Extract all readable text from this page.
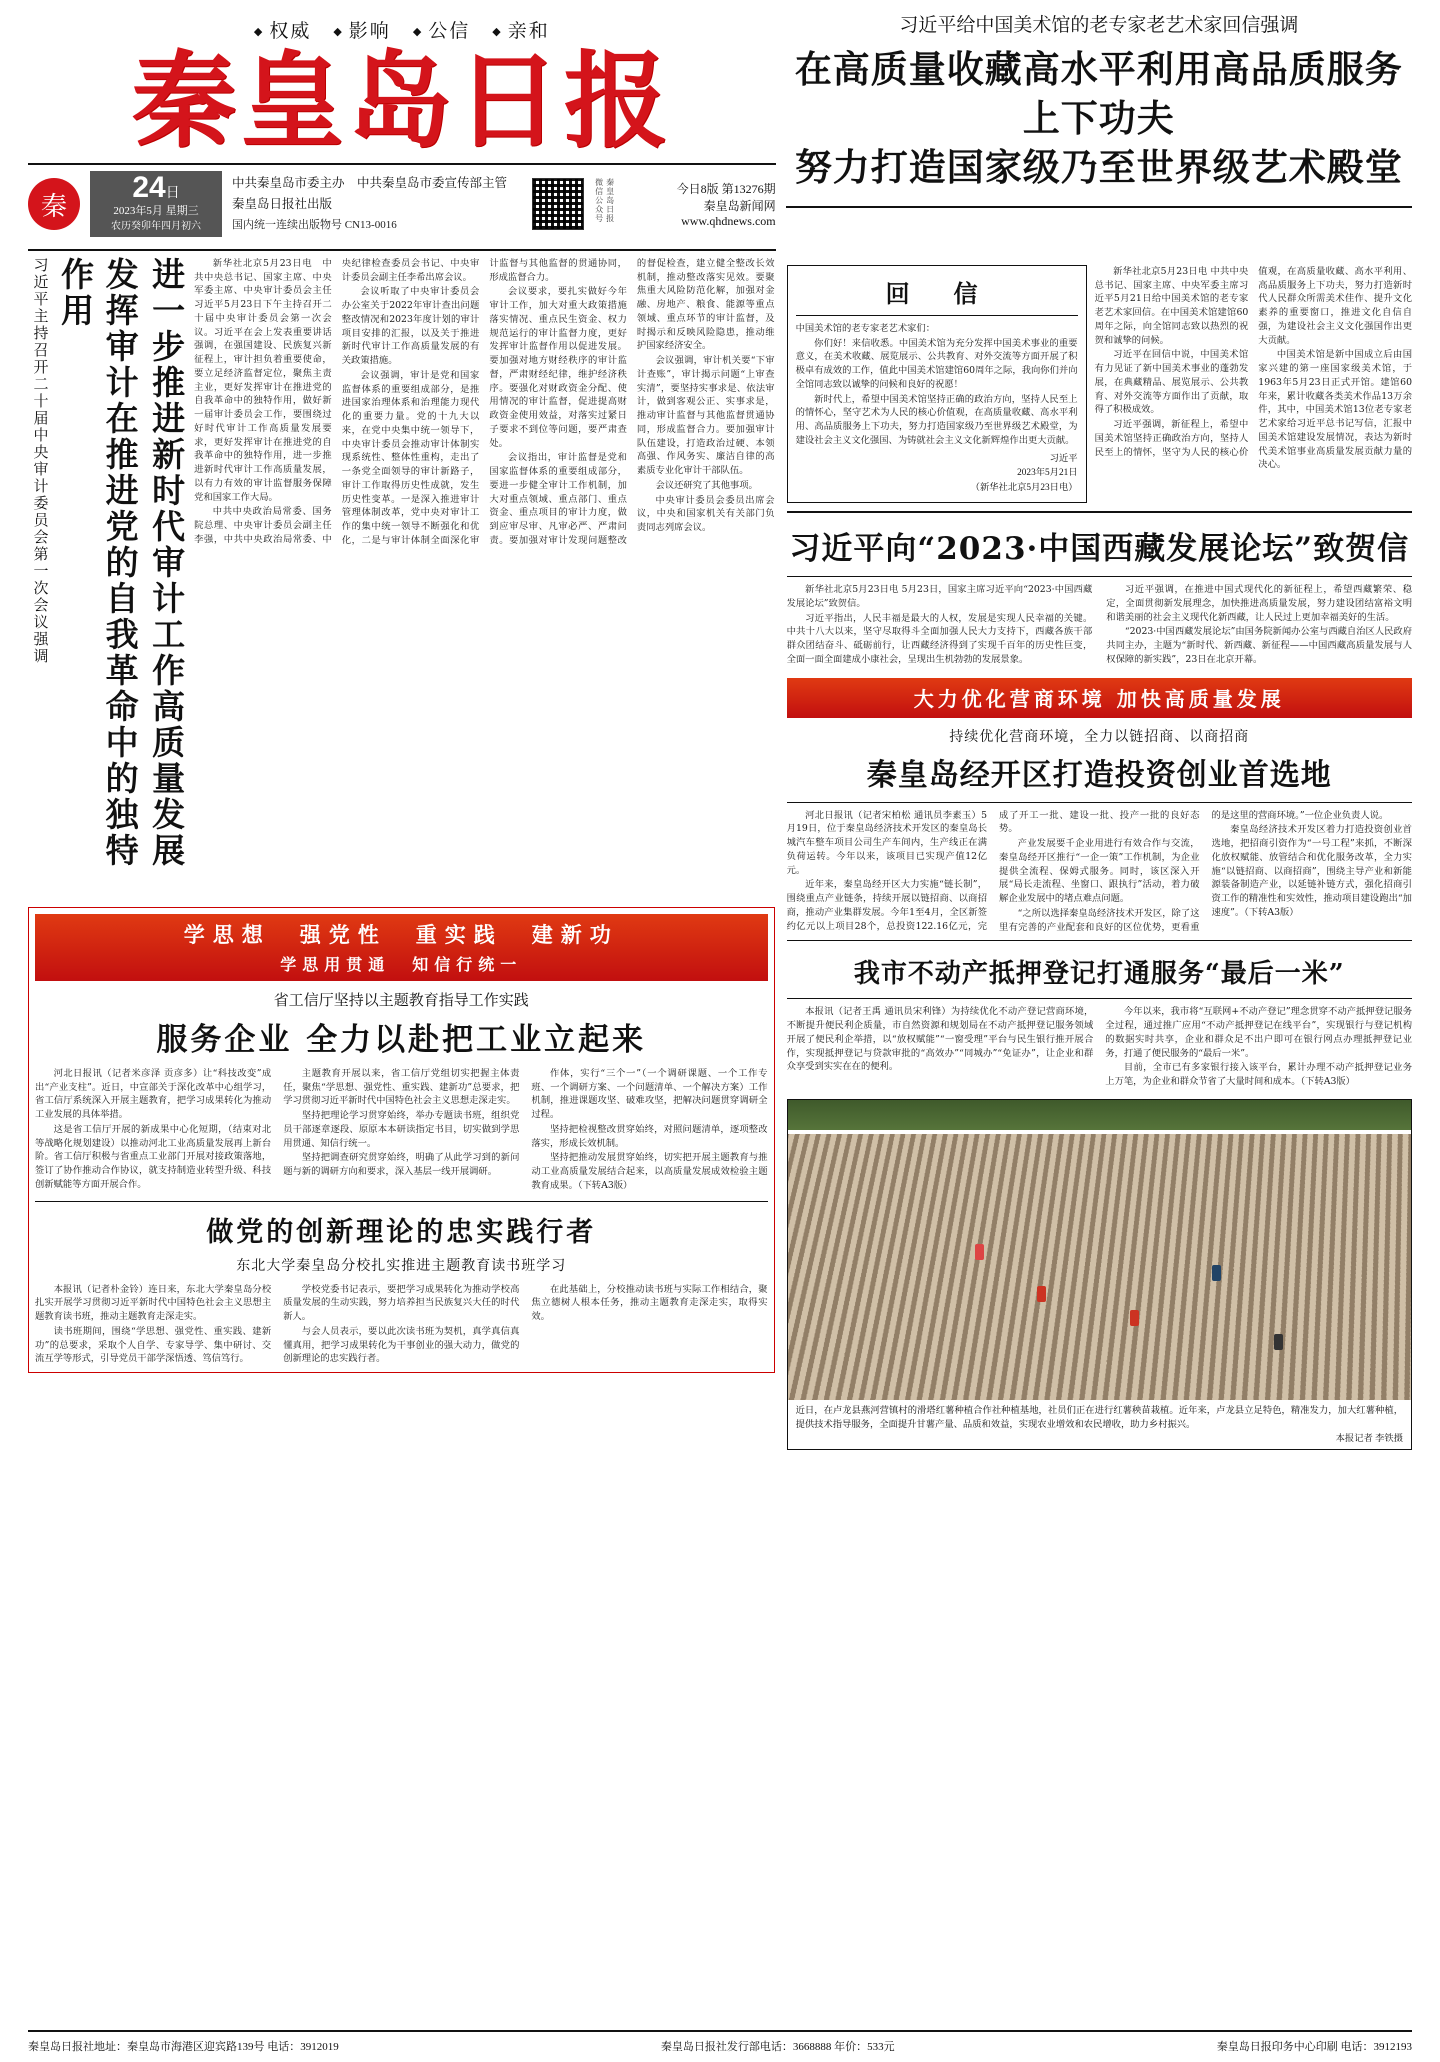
◆ 权威	◆ 影响	◆ 公信	◆ 亲和
秦皇岛日报
秦
24日
2023年5月 星期三
农历癸卯年四月初六
中共秦皇岛市委主办　中共秦皇岛市委宣传部主管
秦皇岛日报社出版
国内统一连续出版物号 CN13-0016
秦皇岛日报微信公众号	今日8版 第13276期
秦皇岛新闻网 www.qhdnews.com
习近平给中国美术馆的老专家老艺术家回信强调
在高质量收藏高水平利用高品质服务上下功夫
努力打造国家级乃至世界级艺术殿堂
进一步推进新时代审计工作高质量发展
发挥审计在推进党的自我革命中的独特作用
习近平主持召开二十届中央审计委员会第一次会议强调	新华社北京5月23日电　中共中央总书记、国家主席、中央军委主席、中央审计委员会主任习近平5月23日下午主持召开二十届中央审计委员会第一次会议。习近平在会上发表重要讲话强调，在强国建设、民族复兴新征程上，审计担负着重要使命，要立足经济监督定位，聚焦主责主业，更好发挥审计在推进党的自我革命中的独特作用，做好新一届审计委员会工作，要围绕过好时代审计工作高质量发展要求，更好发挥审计在推进党的自我革命中的独特作用，进一步推进新时代审计工作高质量发展，以有力有效的审计监督服务保障党和国家工作大局。

中共中央政治局常委、国务院总理、中央审计委员会副主任李强，中共中央政治局常委、中央纪律检查委员会书记、中央审计委员会副主任李希出席会议。

会议听取了中央审计委员会办公室关于2022年审计查出问题整改情况和2023年度计划的审计项目安排的汇报，以及关于推进新时代审计工作高质量发展的有关政策措施。

会议强调，审计是党和国家监督体系的重要组成部分，是推进国家治理体系和治理能力现代化的重要力量。党的十九大以来，在党中央集中统一领导下，中央审计委员会推动审计体制实现系统性、整体性重构，走出了一条党全面领导的审计新路子，审计工作取得历史性成就，发生历史性变革。一是深入推进审计管理体制改革，党中央对审计工作的集中统一领导不断强化和优化，二是与审计体制全面深化审计监督与其他监督的贯通协同，形成监督合力。

会议要求，要扎实做好今年审计工作，加大对重大政策措施落实情况、重点民生资金、权力规范运行的审计监督力度，更好发挥审计监督作用以促进发展。要加强对地方财经秩序的审计监督，严肃财经纪律，维护经济秩序。要强化对财政资金分配、使用情况的审计监督，促进提高财政资金使用效益，对落实过紧日子要求不到位等问题，要严肃查处。

会议指出，审计监督是党和国家监督体系的重要组成部分，要进一步健全审计工作机制，加大对重点领域、重点部门、重点资金、重点项目的审计力度，做到应审尽审、凡审必严、严肃问责。要加强对审计发现问题整改的督促检查，建立健全整改长效机制，推动整改落实见效。要聚焦重大风险防范化解，加强对金融、房地产、粮食、能源等重点领域、重点环节的审计监督，及时揭示和反映风险隐患，推动维护国家经济安全。

会议强调，审计机关要“下审计查账”，审计揭示问题“上审查实清”，要坚持实事求是、依法审计，做到客观公正、实事求是，推动审计监督与其他监督贯通协同，形成监督合力。要加强审计队伍建设，打造政治过硬、本领高强、作风务实、廉洁自律的高素质专业化审计干部队伍。

会议还研究了其他事项。

中央审计委员会委员出席会议，中央和国家机关有关部门负责同志列席会议。

学思想　强党性　重实践　建新功
学思用贯通　知信行统一
省工信厅坚持以主题教育指导工作实践
服务企业 全力以赴把工业立起来

河北日报讯（记者米彦泽 贡彦多）让“科技改变”成出“产业支柱”。近日，中宣部关于深化改革中心组学习，省工信厅系统深入开展主题教育，把学习成果转化为推动工业发展的具体举措。

这是省工信厅开展的新成果中心化短期，（结束对北等战略化规划建设）以推动河北工业高质量发展再上新台阶。省工信厅积极与省重点工业部门开展对接政策落地，签订了协作推动合作协议，就支持制造业转型升级、科技创新赋能等方面开展合作。

主题教育开展以来，省工信厅党组切实把握主体责任，聚焦“学思想、强党性、重实践、建新功”总要求，把学习贯彻习近平新时代中国特色社会主义思想走深走实。

坚持把理论学习贯穿始终，举办专题读书班，组织党员干部逐章逐段、原原本本研读指定书目，切实做到学思用贯通、知信行统一。

坚持把调查研究贯穿始终，明确了从此学习到的新问题与新的调研方向和要求，深入基层一线开展调研。

作体，实行“三个一”（一个调研课题、一个工作专班、一个调研方案、一个问题清单、一个解决方案）工作机制，推进课题攻坚、破难攻坚，把解决问题贯穿调研全过程。

坚持把检视整改贯穿始终，对照问题清单，逐项整改落实，形成长效机制。

坚持把推动发展贯穿始终，切实把开展主题教育与推动工业高质量发展结合起来，以高质量发展成效检验主题教育成果。（下转A3版）

做党的创新理论的忠实践行者
东北大学秦皇岛分校扎实推进主题教育读书班学习

本报讯（记者朴金铃）连日来，东北大学秦皇岛分校扎实开展学习贯彻习近平新时代中国特色社会主义思想主题教育读书班，推动主题教育走深走实。

读书班期间，围绕“学思想、强党性、重实践、建新功”的总要求，采取个人自学、专家导学、集中研讨、交流互学等形式，引导党员干部学深悟透、笃信笃行。

学校党委书记表示，要把学习成果转化为推动学校高质量发展的生动实践，努力培养担当民族复兴大任的时代新人。

与会人员表示，要以此次读书班为契机，真学真信真懂真用，把学习成果转化为干事创业的强大动力，做党的创新理论的忠实践行者。

在此基础上，分校推动读书班与实际工作相结合，聚焦立德树人根本任务，推动主题教育走深走实，取得实效。

回　信

中国美术馆的老专家老艺术家们：

你们好！来信收悉。中国美术馆为充分发挥中国美术事业的重要意义，在美术收藏、展览展示、公共教育、对外交流等方面开展了积极卓有成效的工作，值此中国美术馆建馆60周年之际，我向你们并向全馆同志致以诚挚的问候和良好的祝愿！

新时代上，希望中国美术馆坚持正确的政治方向，坚持人民至上的情怀心，坚守艺术为人民的核心价值观，在高质量收藏、高水平利用、高品质服务上下功夫，努力打造国家级乃至世界级艺术殿堂，为建设社会主义文化强国、为铸就社会主义文化新辉煌作出更大贡献。

习近平
2023年5月21日
（新华社北京5月23日电）

新华社北京5月23日电 中共中央总书记、国家主席、中央军委主席习近平5月21日给中国美术馆的老专家老艺术家回信。在中国美术馆建馆60周年之际，向全馆同志致以热烈的祝贺和诚挚的问候。

习近平在回信中说，中国美术馆有力见证了新中国美术事业的蓬勃发展，在典藏精品、展览展示、公共教育、对外交流等方面作出了贡献，取得了积极成效。

习近平强调，新征程上，希望中国美术馆坚持正确政治方向，坚持人民至上的情怀，坚守为人民的核心价值观，在高质量收藏、高水平利用、高品质服务上下功夫，努力打造新时代人民群众所需美术佳作、提升文化素养的重要窗口，推进文化自信自强，为建设社会主义文化强国作出更大贡献。

中国美术馆是新中国成立后由国家兴建的第一座国家级美术馆，于1963年5月23日正式开馆。建馆60年来，累计收藏各类美术作品13万余件，其中，中国美术馆13位老专家老艺术家给习近平总书记写信，汇报中国美术馆建设发展情况，表达为新时代美术馆事业高质量发展贡献力量的决心。

习近平向“2023·中国西藏发展论坛”致贺信

新华社北京5月23日电 5月23日，国家主席习近平向“2023·中国西藏发展论坛”致贺信。

习近平指出，人民丰福是最大的人权，发展是实现人民幸福的关键。中共十八大以来，坚守尽取得斗全面加强人民大力支持下，西藏各族干部群众团结奋斗、砥砺前行，让西藏经济得到了实现千百年的历史性巨变，全面一面全面建成小康社会，呈现出生机勃勃的发展景象。

习近平强调，在推进中国式现代化的新征程上，希望西藏繁荣、稳定，全面贯彻新发展理念，加快推进高质量发展，努力建设团结富裕文明和谐美丽的社会主义现代化新西藏，让人民过上更加幸福美好的生活。

“2023·中国西藏发展论坛”由国务院新闻办公室与西藏自治区人民政府共同主办，主题为“新时代、新西藏、新征程——中国西藏高质量发展与人权保障的新实践”，23日在北京开幕。

大力优化营商环境 加快高质量发展
持续优化营商环境，全力以链招商、以商招商
秦皇岛经开区打造投资创业首选地

河北日报讯（记者宋柏松 通讯员李素玉）5月19日，位于秦皇岛经济技术开发区的秦皇岛长城汽车整车项目公司生产车间内，生产线正在满负荷运转。今年以来，该项目已实现产值12亿元。

近年来，秦皇岛经开区大力实施“链长制”，围绕重点产业链条，持续开展以链招商、以商招商，推动产业集群发展。今年1至4月，全区新签约亿元以上项目28个，总投资122.16亿元，完成了开工一批、建设一批、投产一批的良好态势。

产业发展要千企业用进行有效合作与交流，秦皇岛经开区推行“一企一策”工作机制，为企业提供全流程、保姆式服务。同时，该区深入开展“局长走流程、坐窗口、跟执行”活动，着力破解企业发展中的堵点难点问题。

“之所以选择秦皇岛经济技术开发区，除了这里有完善的产业配套和良好的区位优势，更看重的是这里的营商环境。”一位企业负责人说。

秦皇岛经济技术开发区着力打造投资创业首选地，把招商引资作为“一号工程”来抓，不断深化放权赋能、放管结合和优化服务改革，全力实施“以链招商、以商招商”，围绕主导产业和新能源装备制造产业，以延链补链方式，强化招商引资工作的精准性和实效性，推动项目建设跑出“加速度”。（下转A3版）

我市不动产抵押登记打通服务“最后一米”

本报讯（记者王禹 通讯员宋利锋）为持续优化不动产登记营商环境，不断提升便民利企质量，市自然资源和规划局在不动产抵押登记服务领域开展了便民利企举措，以“放权赋能”“一窗受理”平台与民生银行推开展合作，实现抵押登记与贷款审批的“高效办”“同城办”“免证办”，让企业和群众享受到实实在在的便利。

今年以来，我市将“互联网+不动产登记”理念贯穿不动产抵押登记服务全过程，通过推广应用“不动产抵押登记在线平台”，实现银行与登记机构的数据实时共享，企业和群众足不出户即可在银行网点办理抵押登记业务，打通了便民服务的“最后一米”。

目前，全市已有多家银行接入该平台，累计办理不动产抵押登记业务上万笔，为企业和群众节省了大量时间和成本。（下转A3版）

近日，在卢龙县燕河营镇村的滑塔红薯种植合作社种植基地，社员们正在进行红薯秧苗栽植。近年来，卢龙县立足特色，精准发力，加大红薯种植，提供技术指导服务，全面提升甘薯产量、品质和效益，实现农业增效和农民增收，助力乡村振兴。
本报记者 李铁摄
秦皇岛日报社地址：秦皇岛市海港区迎宾路139号 电话：3912019	秦皇岛日报社发行部电话：3668888 年价：533元	秦皇岛日报印务中心印刷 电话：3912193
